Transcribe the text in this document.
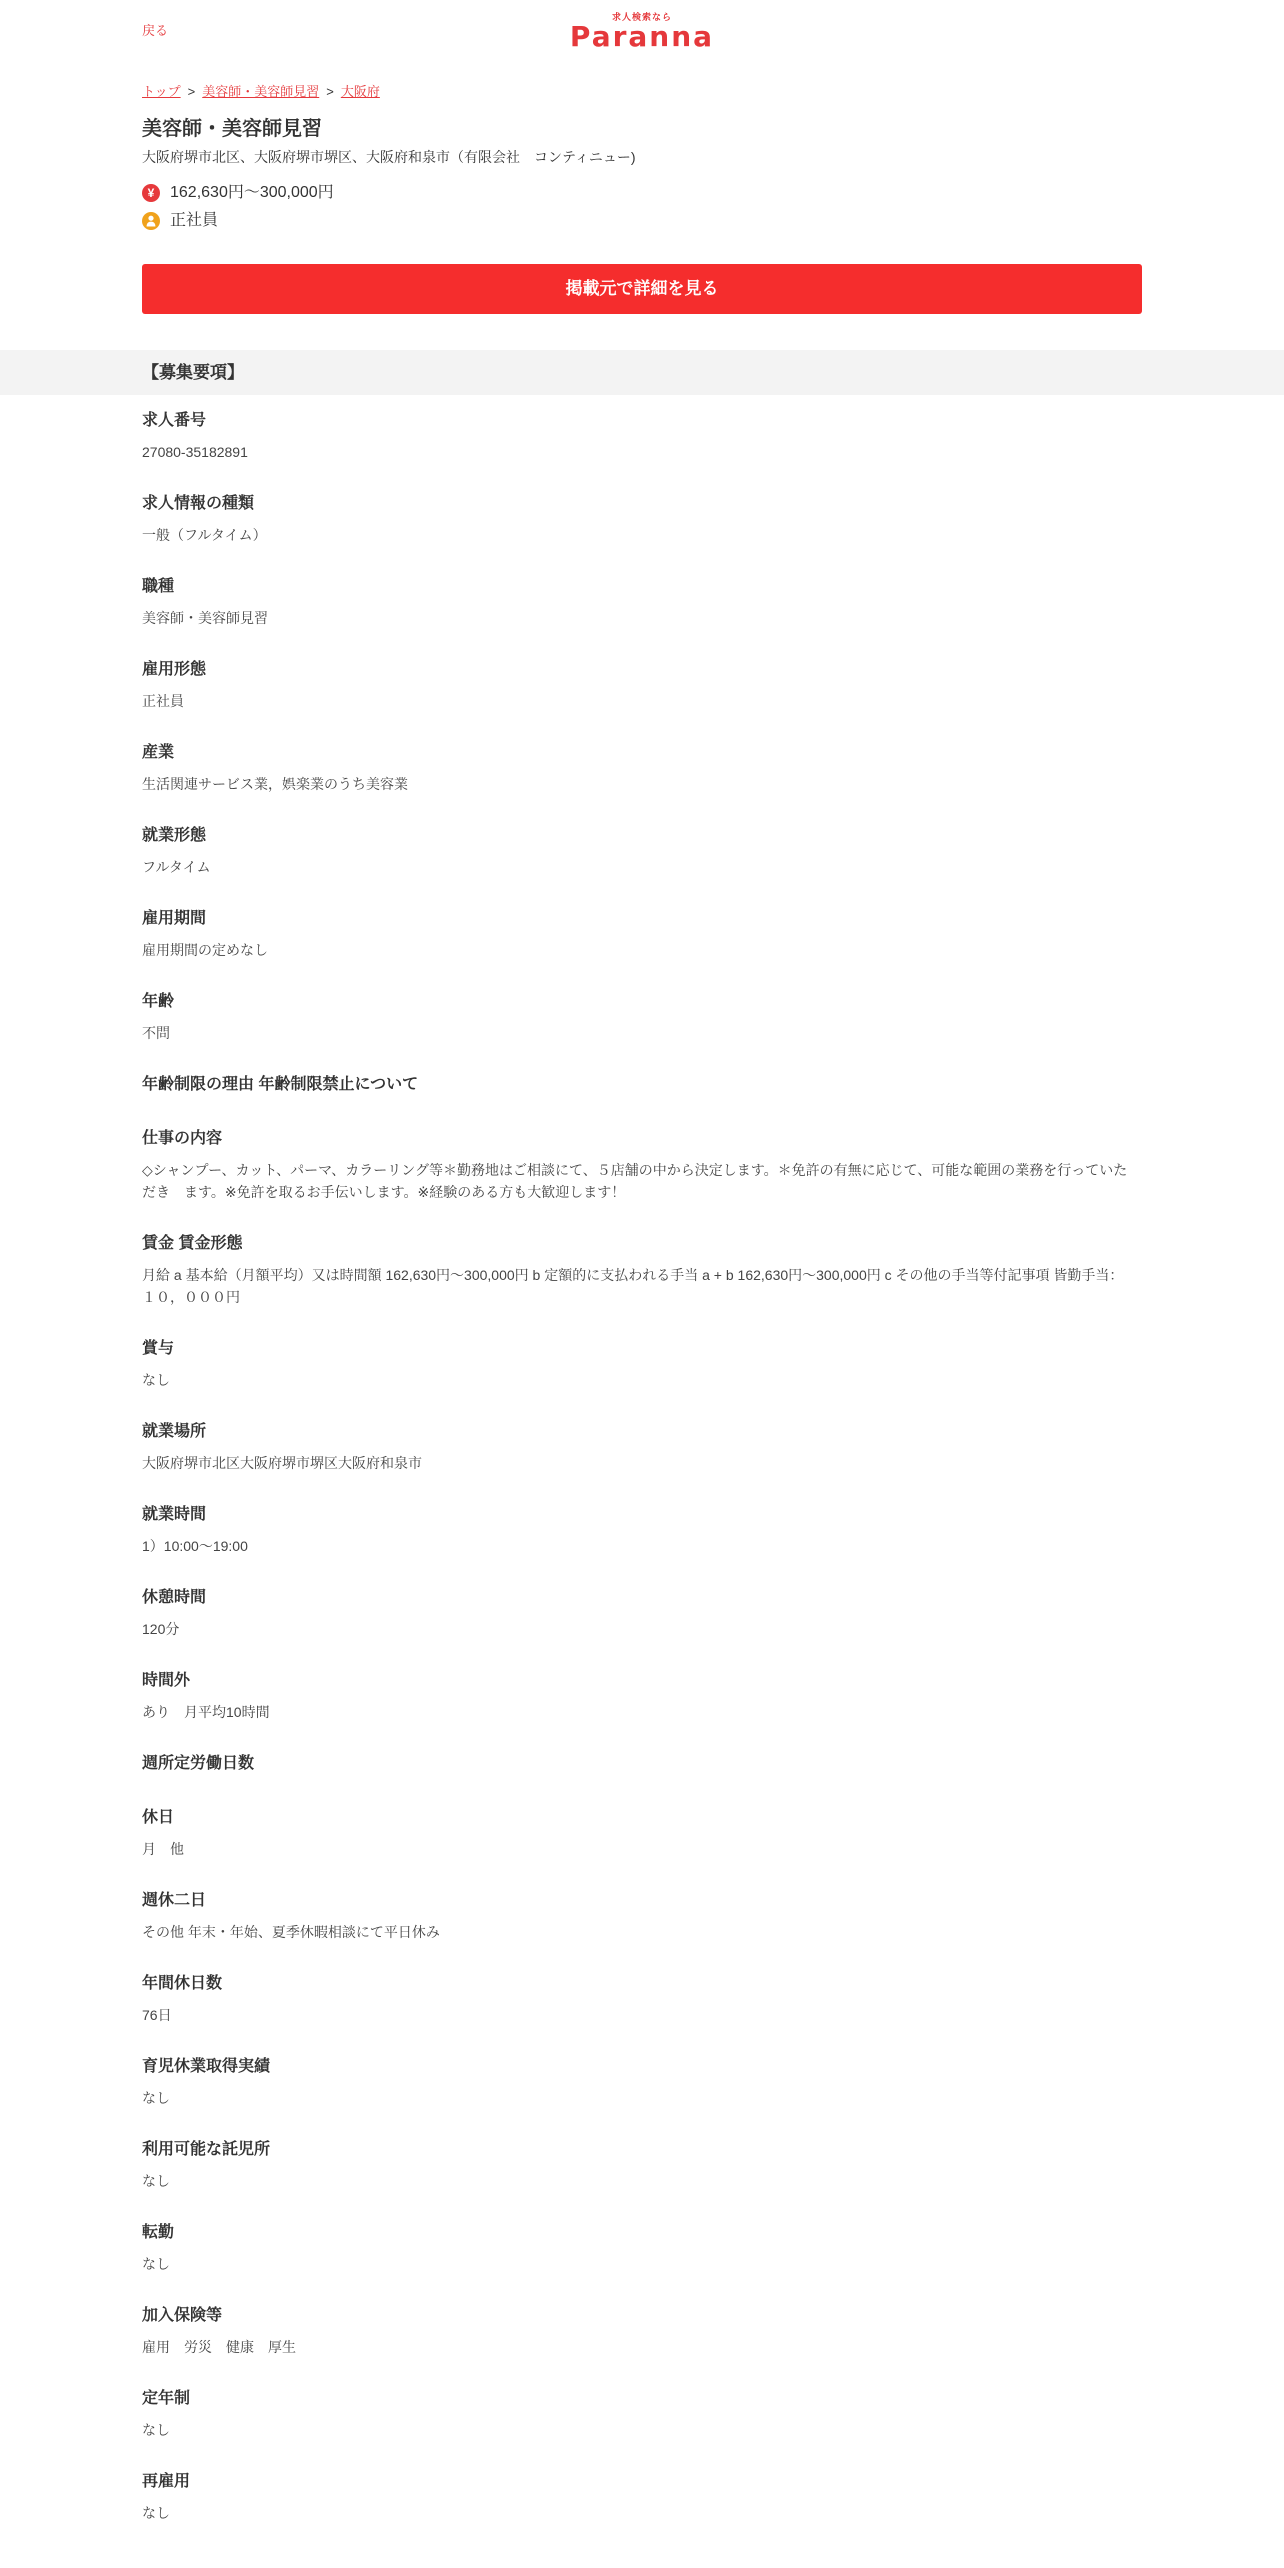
戻る
求人検索なら
Paranna
トップ > 美容師・美容師見習 > 大阪府
美容師・美容師見習
大阪府堺市北区、大阪府堺市堺区、大阪府和泉市（有限会社　コンティニュー)
¥
162,630円～300,000円
正社員
掲載元で詳細を見る
【募集要項】
求人番号
27080-35182891
求人情報の種類
一般（フルタイム）
職種
美容師・美容師見習
雇用形態
正社員
産業
生活関連サービス業，娯楽業のうち美容業
就業形態
フルタイム
雇用期間
雇用期間の定めなし
年齢
不問
年齢制限の理由 年齢制限禁止について
仕事の内容
◇シャンプー、カット、パーマ、カラーリング等＊勤務地はご相談にて、５店舗の中から決定します。＊免許の有無に応じて、可能な範囲の業務を行っていた
だき　ます。※免許を取るお手伝いします。※経験のある方も大歓迎します！
賃金 賃金形態
月給 a 基本給（月額平均）又は時間額 162,630円～300,000円 b 定額的に支払われる手当 a + b 162,630円～300,000円 c その他の手当等付記事項 皆勤手当：
１０，０００円
賞与
なし
就業場所
大阪府堺市北区大阪府堺市堺区大阪府和泉市
就業時間
1）10:00～19:00
休憩時間
120分
時間外
あり　月平均10時間
週所定労働日数
休日
月　他
週休二日
その他 年末・年始、夏季休暇相談にて平日休み
年間休日数
76日
育児休業取得実績
なし
利用可能な託児所
なし
転勤
なし
加入保険等
雇用　労災　健康　厚生
定年制
なし
再雇用
なし
